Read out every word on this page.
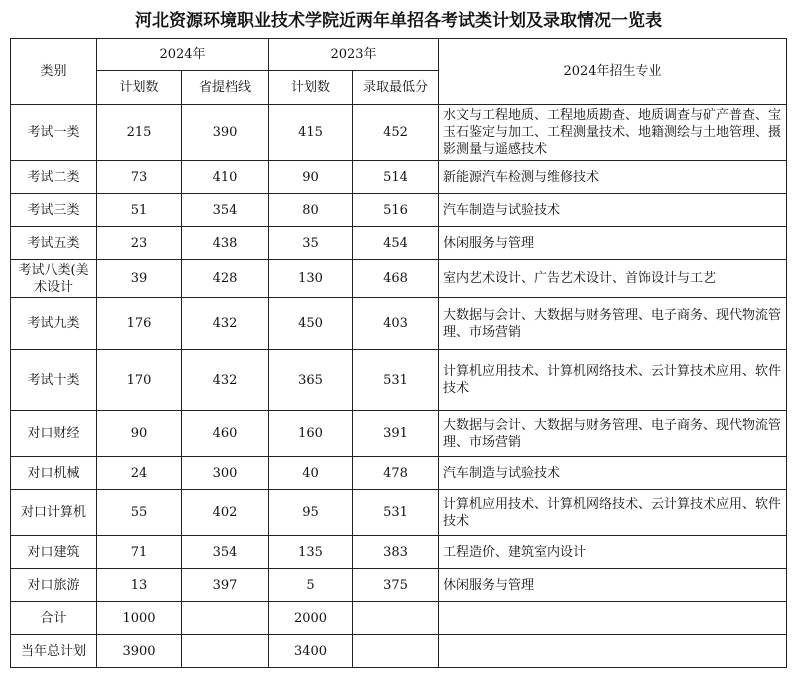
河北资源环境职业技术学院近两年单招各考试类计划及录取情况一览表
类别	2024年		2023年		2024年招生专业
	计划数	省提档线	计划数	录取最低分	
考试一类	215	390	415	452	水文与工程地质、工程地质勘查、地质调查与矿产普查、宝玉石鉴定与加工、工程测量技术、地籍测绘与土地管理、摄影测量与遥感技术
考试二类	73	410	90	514	新能源汽车检测与维修技术
考试三类	51	354	80	516	汽车制造与试验技术
考试五类	23	438	35	454	休闲服务与管理

考试八类(美术设计	39	428	130	468	室内艺术设计、广告艺术设计、首饰设计与工艺
考试九类	176	432	450	403	大数据与会计、大数据与财务管理、电子商务、现代物流管理、市场营销
考试十类	170	432	365	531	计算机应用技术、计算机网络技术、云计算技术应用、软件技术
对口财经	90	460	160	391	大数据与会计、大数据与财务管理、电子商务、现代物流管理、市场营销
对口机械	24	300	40	478	汽车制造与试验技术
对口计算机	55	402	95	531	计算机应用技术、计算机网络技术、云计算技术应用、软件技术
对口建筑	71	354	135	383	工程造价、建筑室内设计
对口旅游	13	397	5	375	休闲服务与管理
合计	1000		2000		
当年总计划	3900		3400		
